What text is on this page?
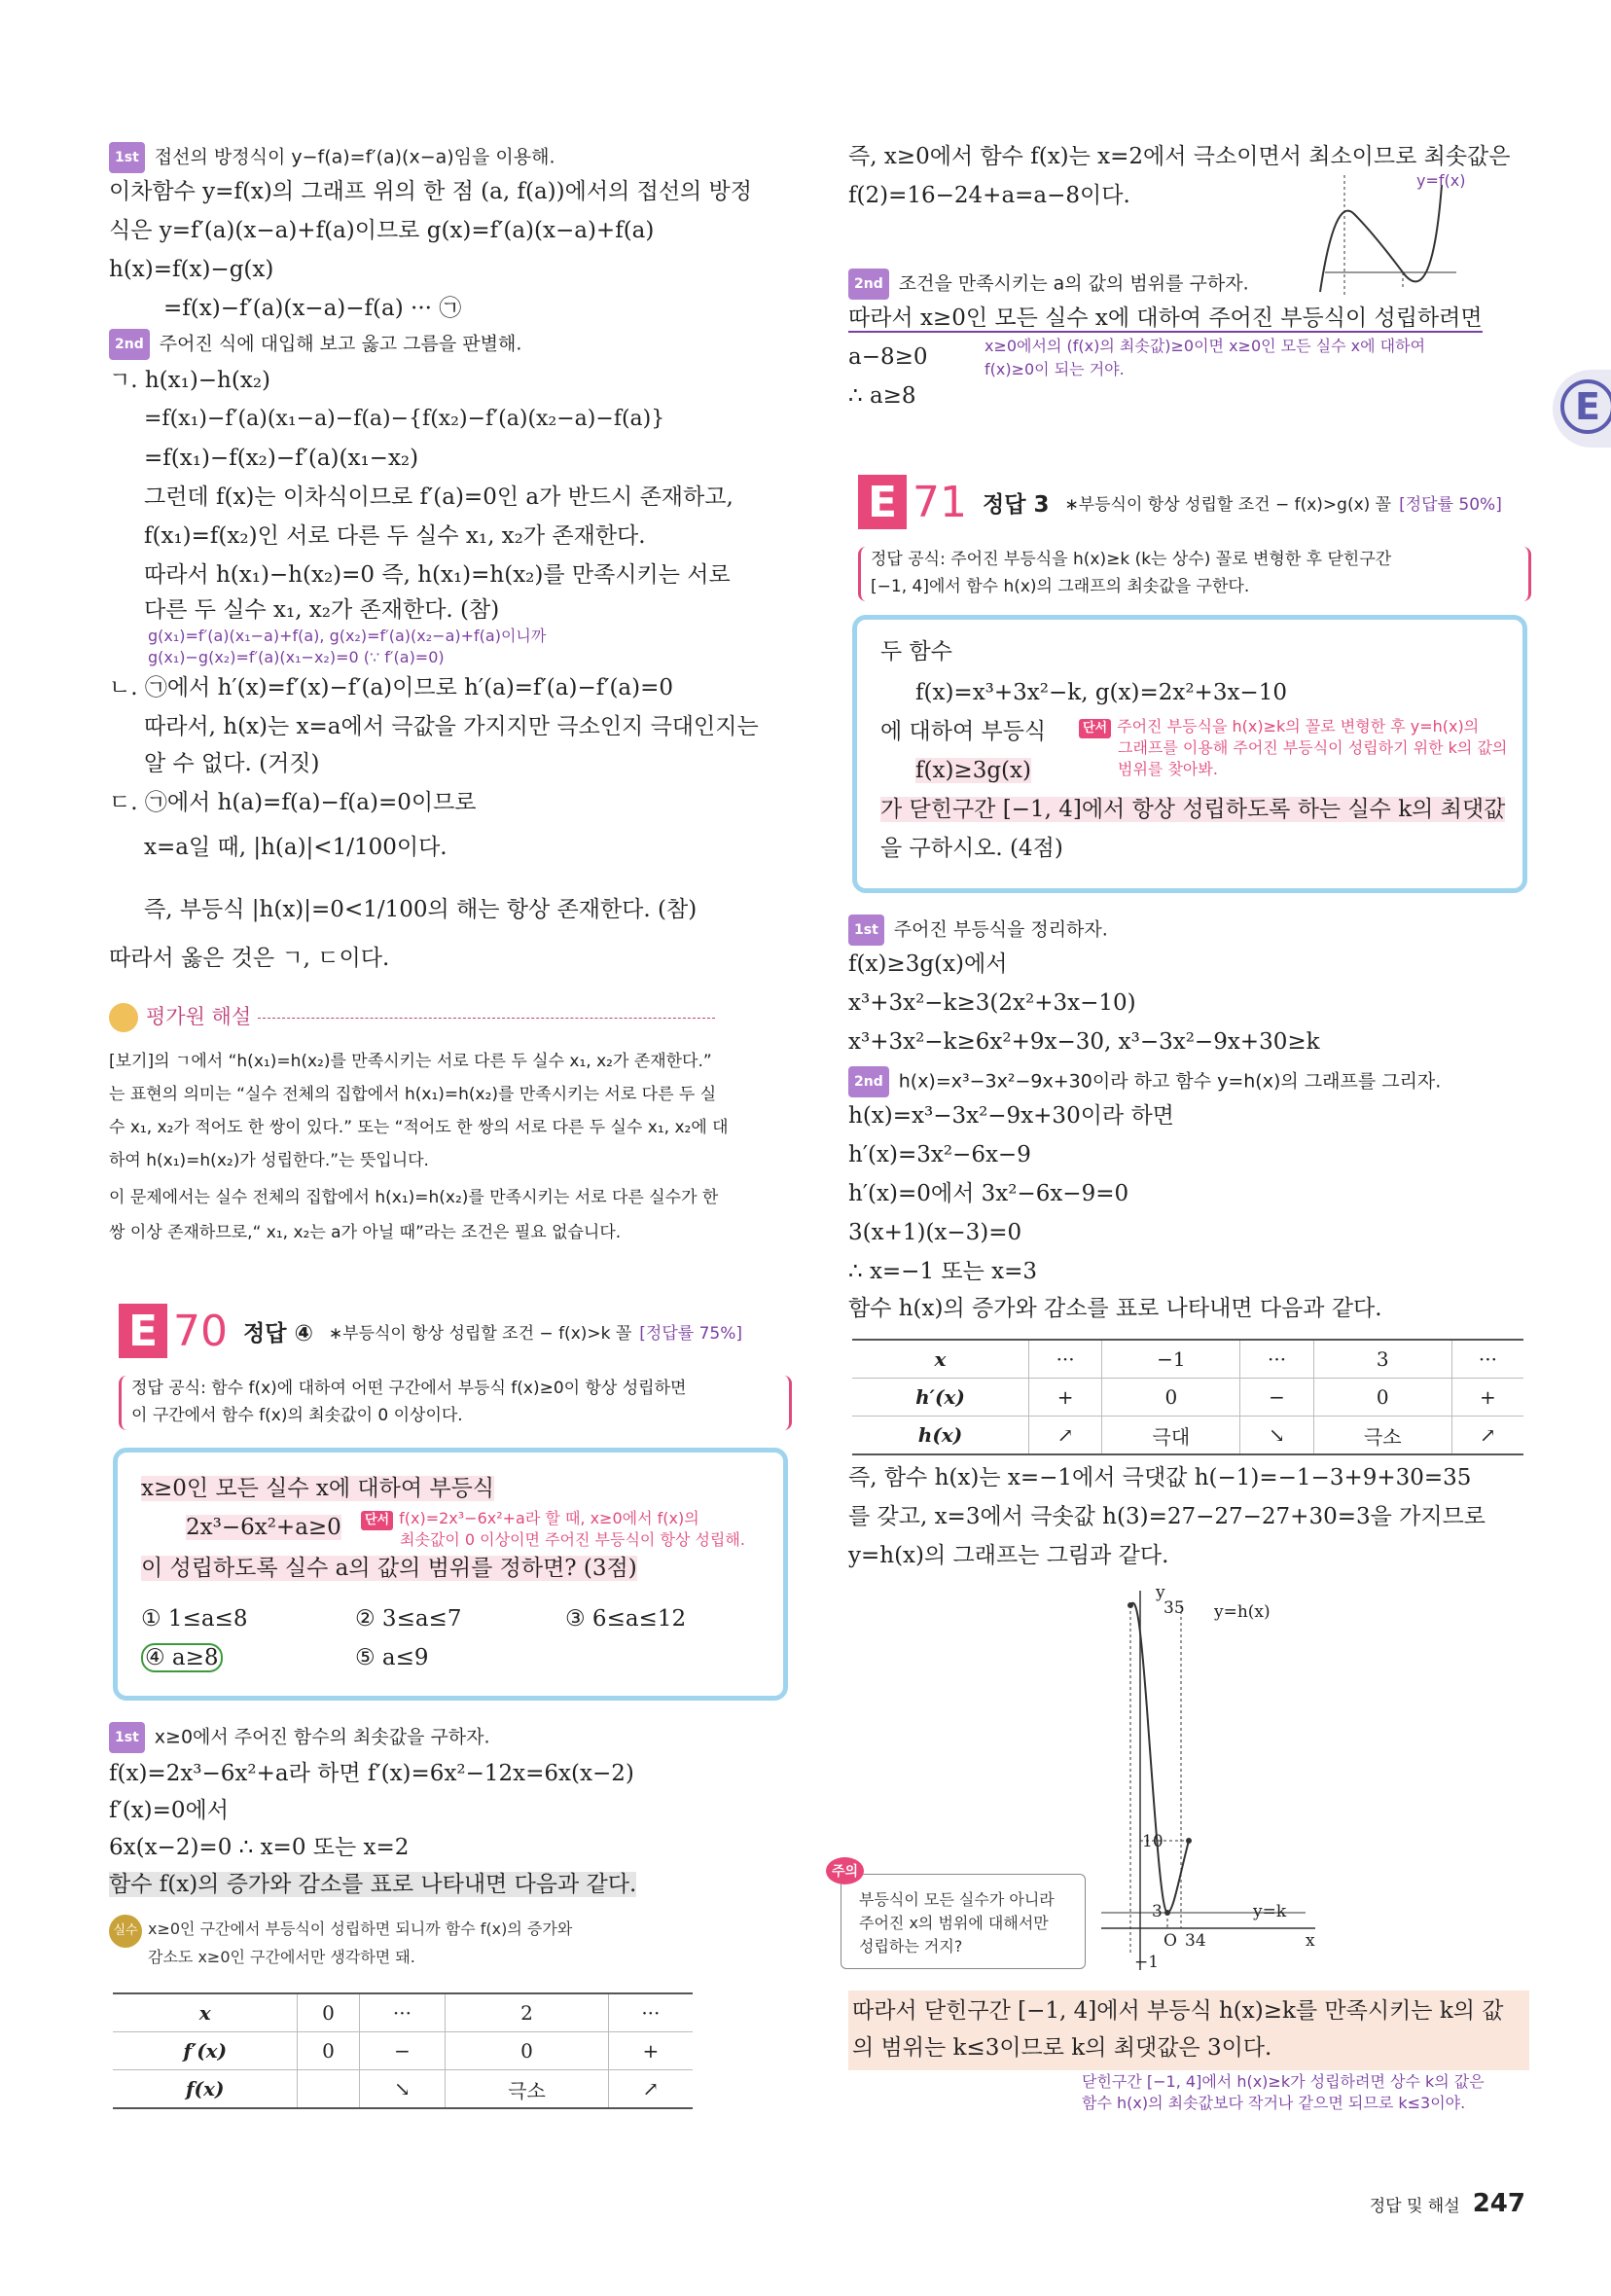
E
1st 접선의 방정식이 y−f(a)=f′(a)(x−a)임을 이용해.
이차함수 y=f(x)의 그래프 위의 한 점 (a, f(a))에서의 접선의 방정
식은 y=f′(a)(x−a)+f(a)이므로 g(x)=f′(a)(x−a)+f(a)
h(x)=f(x)−g(x)
=f(x)−f′(a)(x−a)−f(a) ··· ㉠
2nd 주어진 식에 대입해 보고 옳고 그름을 판별해.
ㄱ. h(x₁)−h(x₂)
=f(x₁)−f′(a)(x₁−a)−f(a)−{f(x₂)−f′(a)(x₂−a)−f(a)}
=f(x₁)−f(x₂)−f′(a)(x₁−x₂)
그런데 f(x)는 이차식이므로 f′(a)=0인 a가 반드시 존재하고,
f(x₁)=f(x₂)인 서로 다른 두 실수 x₁, x₂가 존재한다.
따라서 h(x₁)−h(x₂)=0 즉, h(x₁)=h(x₂)를 만족시키는 서로
다른 두 실수 x₁, x₂가 존재한다. (참)
g(x₁)=f′(a)(x₁−a)+f(a), g(x₂)=f′(a)(x₂−a)+f(a)이니까
g(x₁)−g(x₂)=f′(a)(x₁−x₂)=0 (∵ f′(a)=0)
ㄴ. ㉠에서 h′(x)=f′(x)−f′(a)이므로 h′(a)=f′(a)−f′(a)=0
따라서, h(x)는 x=a에서 극값을 가지지만 극소인지 극대인지는
알 수 없다. (거짓)
ㄷ. ㉠에서 h(a)=f(a)−f(a)=0이므로
x=a일 때, |h(a)|<1/100이다.
즉, 부등식 |h(x)|=0<1/100의 해는 항상 존재한다. (참)
따라서 옳은 것은 ㄱ, ㄷ이다.
평가원 해설
[보기]의 ㄱ에서 “h(x₁)=h(x₂)를 만족시키는 서로 다른 두 실수 x₁, x₂가 존재한다.”
는 표현의 의미는 “실수 전체의 집합에서 h(x₁)=h(x₂)를 만족시키는 서로 다른 두 실
수 x₁, x₂가 적어도 한 쌍이 있다.” 또는 “적어도 한 쌍의 서로 다른 두 실수 x₁, x₂에 대
하여 h(x₁)=h(x₂)가 성립한다.”는 뜻입니다.
이 문제에서는 실수 전체의 집합에서 h(x₁)=h(x₂)를 만족시키는 서로 다른 실수가 한
쌍 이상 존재하므로,“ x₁, x₂는 a가 아닐 때”라는 조건은 필요 없습니다.
E 70 정답 ④ ∗부등식이 항상 성립할 조건 − f(x)>k 꼴 [정답률 75%]
정답 공식: 함수 f(x)에 대하여 어떤 구간에서 부등식 f(x)≥0이 항상 성립하면
이 구간에서 함수 f(x)의 최솟값이 0 이상이다.
x≥0인 모든 실수 x에 대하여 부등식
2x³−6x²+a≥0	단서 f(x)=2x³−6x²+a라 할 때, x≥0에서 f(x)의
최솟값이 0 이상이면 주어진 부등식이 항상 성립해.
이 성립하도록 실수 a의 값의 범위를 정하면? (3점)
① 1≤a≤8	② 3≤a≤7	③ 6≤a≤12
④ a≥8	⑤ a≤9
1st x≥0에서 주어진 함수의 최솟값을 구하자.
f(x)=2x³−6x²+a라 하면 f′(x)=6x²−12x=6x(x−2)
f′(x)=0에서
6x(x−2)=0 ∴ x=0 또는 x=2
함수 f(x)의 증가와 감소를 표로 나타내면 다음과 같다.
실수 x≥0인 구간에서 부등식이 성립하면 되니까 함수 f(x)의 증가와
감소도 x≥0인 구간에서만 생각하면 돼.
x	0	···	2	···
f′(x)	0	−	0	+
f(x)		↘	극소	↗
즉, x≥0에서 함수 f(x)는 x=2에서 극소이면서 최소이므로 최솟값은
f(2)=16−24+a=a−8이다.
y=f(x)
2nd 조건을 만족시키는 a의 값의 범위를 구하자.
따라서 x≥0인 모든 실수 x에 대하여 주어진 부등식이 성립하려면
a−8≥0	x≥0에서의 (f(x)의 최솟값)≥0이면 x≥0인 모든 실수 x에 대하여
f(x)≥0이 되는 거야.
∴ a≥8
E 71 정답 3 ∗부등식이 항상 성립할 조건 − f(x)>g(x) 꼴 [정답률 50%]
정답 공식: 주어진 부등식을 h(x)≥k (k는 상수) 꼴로 변형한 후 닫힌구간
[−1, 4]에서 함수 h(x)의 그래프의 최솟값을 구한다.
두 함수
f(x)=x³+3x²−k, g(x)=2x²+3x−10
에 대하여 부등식	단서 주어진 부등식을 h(x)≥k의 꼴로 변형한 후 y=h(x)의
그래프를 이용해 주어진 부등식이 성립하기 위한 k의 값의
범위를 찾아봐.
f(x)≥3g(x)
가 닫힌구간 [−1, 4]에서 항상 성립하도록 하는 실수 k의 최댓값
을 구하시오. (4점)
1st 주어진 부등식을 정리하자.
f(x)≥3g(x)에서
x³+3x²−k≥3(2x²+3x−10)
x³+3x²−k≥6x²+9x−30, x³−3x²−9x+30≥k
2nd h(x)=x³−3x²−9x+30이라 하고 함수 y=h(x)의 그래프를 그리자.
h(x)=x³−3x²−9x+30이라 하면
h′(x)=3x²−6x−9
h′(x)=0에서 3x²−6x−9=0
3(x+1)(x−3)=0
∴ x=−1 또는 x=3
함수 h(x)의 증가와 감소를 표로 나타내면 다음과 같다.
x	···	−1	···	3	···
h′(x)	+	0	−	0	+
h(x)	↗	극대	↘	극소	↗
즉, 함수 h(x)는 x=−1에서 극댓값 h(−1)=−1−3+9+30=35
를 갖고, x=3에서 극솟값 h(3)=27−27−27+30=3을 가지므로
y=h(x)의 그래프는 그림과 같다.
y
35 y=h(x)
10
3	y=k
O 34	x
−1
주의
부등식이 모든 실수가 아니라
주어진 x의 범위에 대해서만
성립하는 거지?
따라서 닫힌구간 [−1, 4]에서 부등식 h(x)≥k를 만족시키는 k의 값
의 범위는 k≤3이므로 k의 최댓값은 3이다.
닫힌구간 [−1, 4]에서 h(x)≥k가 성립하려면 상수 k의 값은
함수 h(x)의 최솟값보다 작거나 같으면 되므로 k≤3이야.
정답 및 해설 247
